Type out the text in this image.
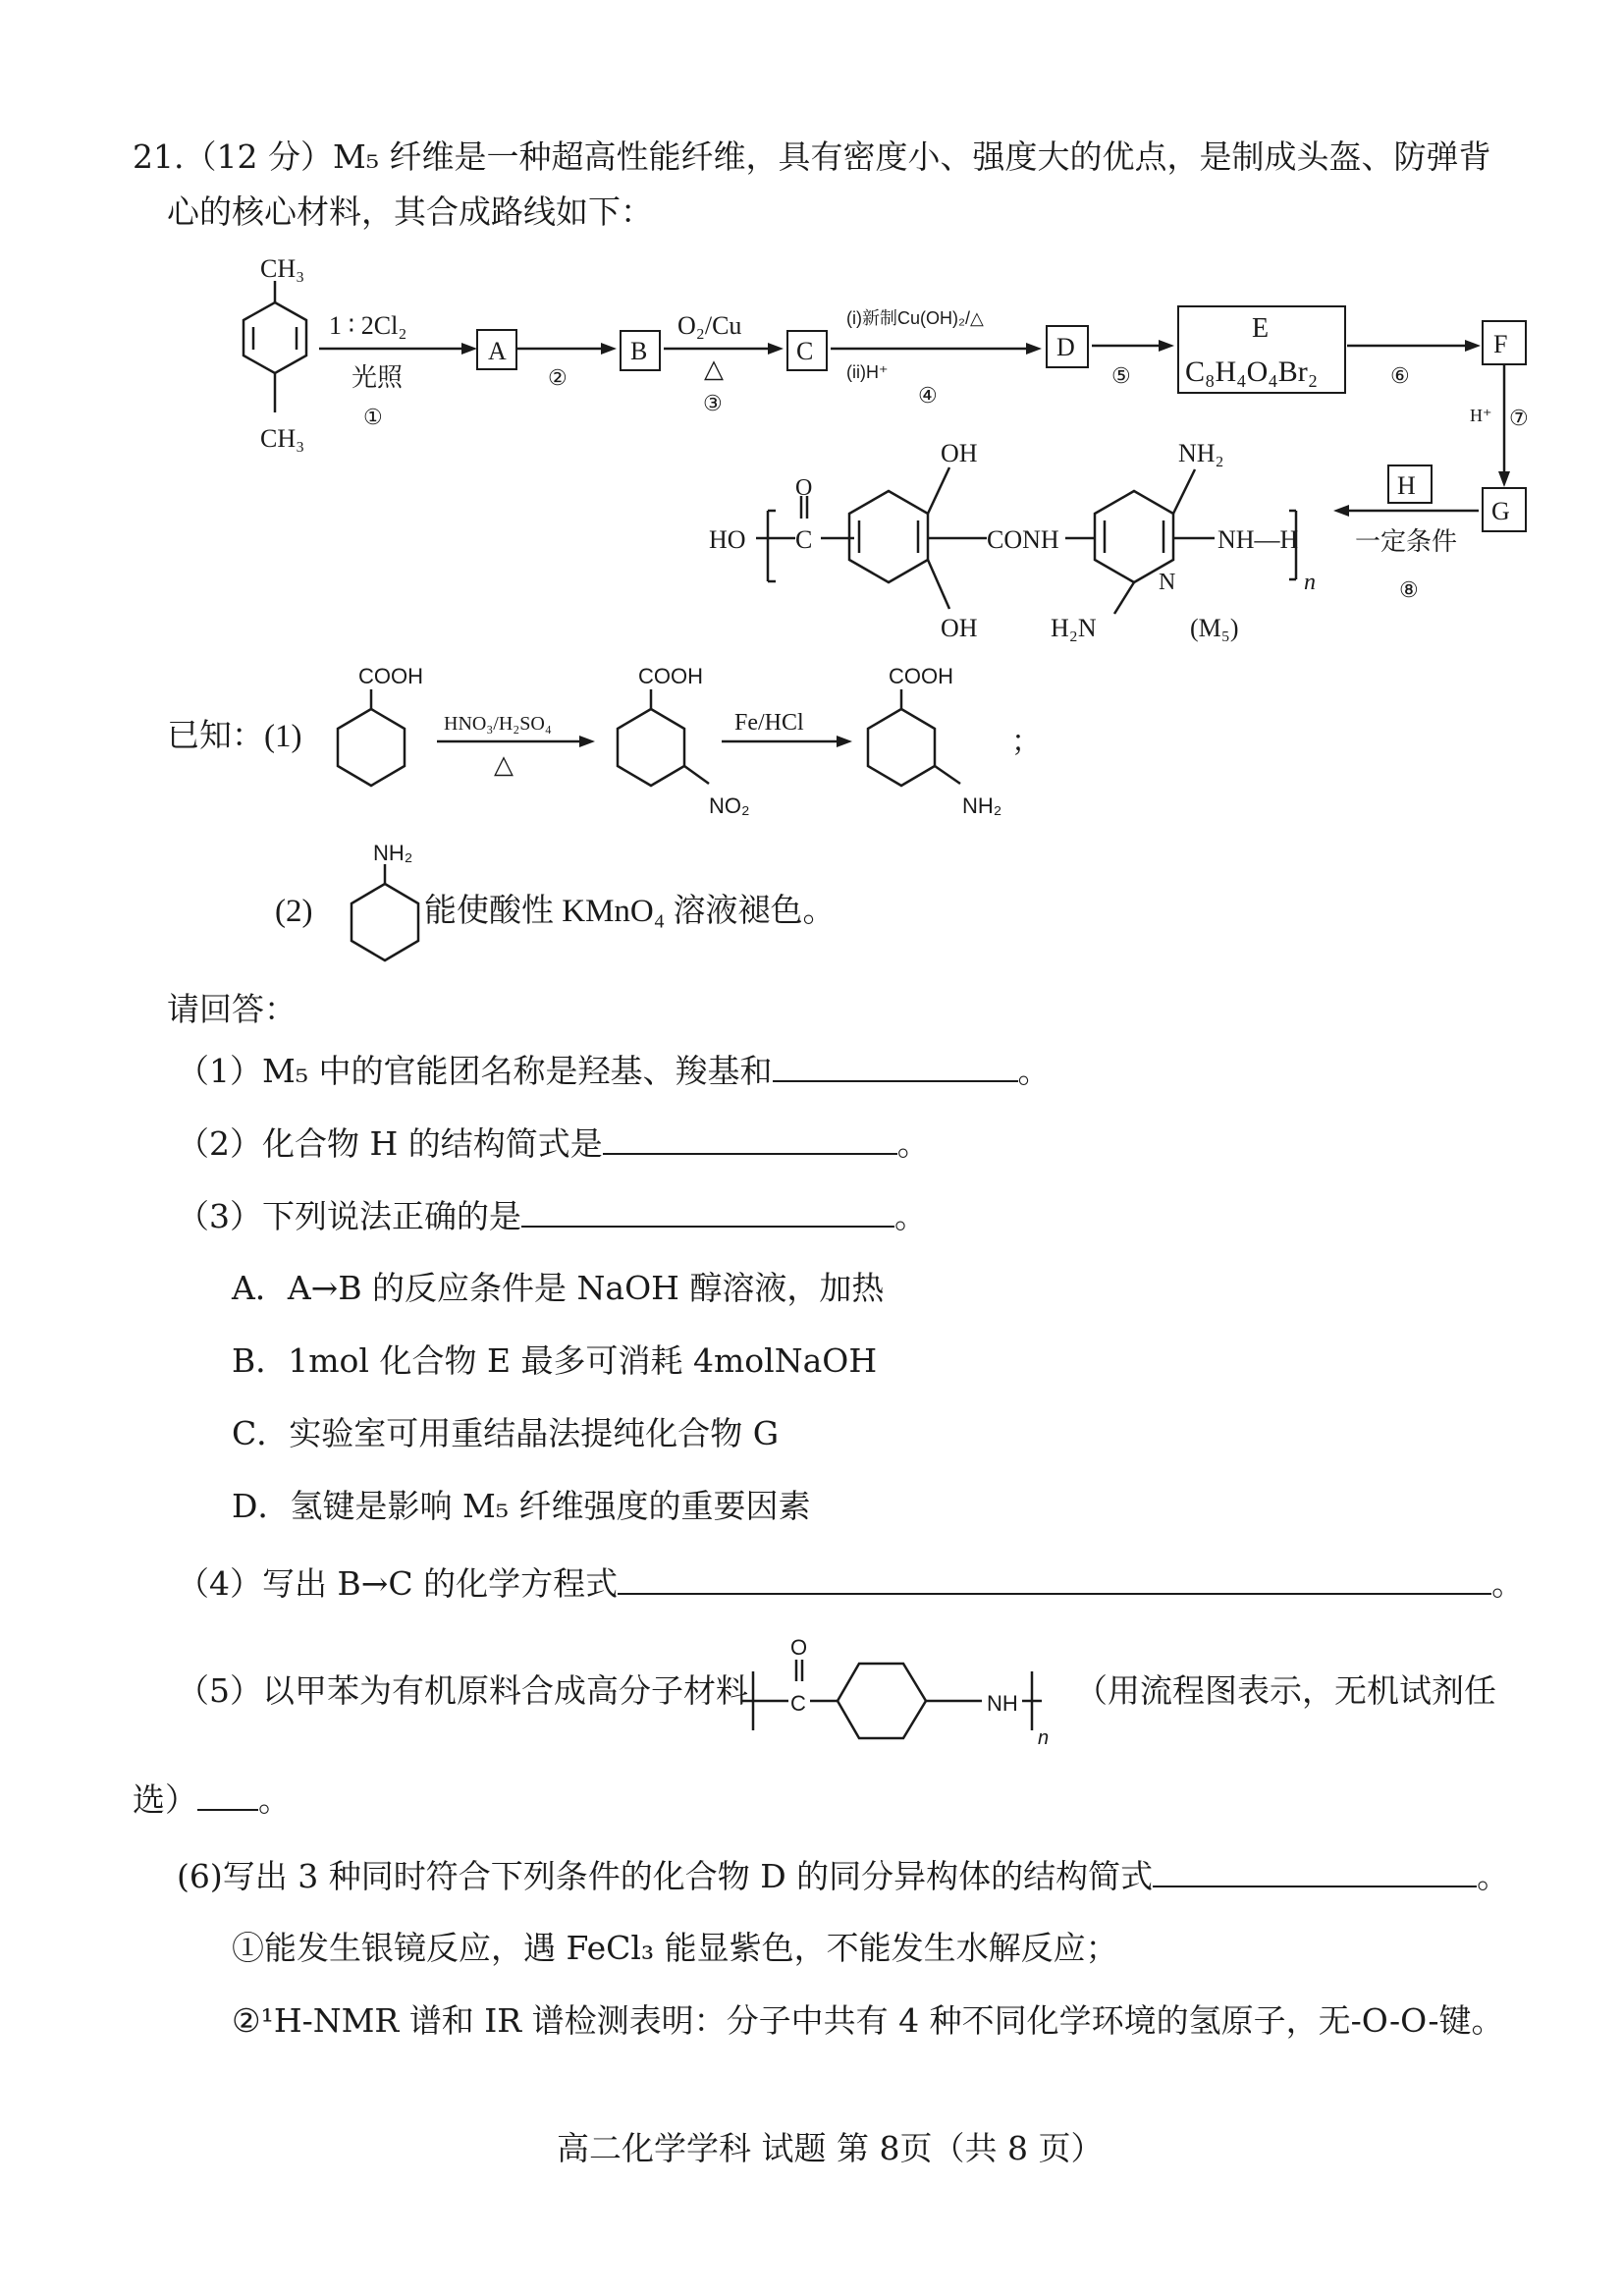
21.（12 分）M₅ 纤维是一种超高性能纤维，具有密度小、强度大的优点，是制成头盔、防弹背
心的核心材料，其合成路线如下：
CH₃
CH₃
1 ∶ 2Cl₂
光照
①
A
②
B
O₂/Cu
△
③
C
(i)新制Cu(OH)₂/△
(ii)H⁺
④
D
⑤
E
C₈H₄O₄Br₂	⑥
F
H⁺ ⑦
G
一定条件
⑧
H
HO
O
C
OH
OH
CONH
NH₂
H₂N
N
NH—H
n
(M₅)
已知：(1)
COOH
HNO₃/H₂SO₄
△
COOH
NO₂
Fe/HCl
COOH
NH₂
；
(2)
NH₂
能使酸性 KMnO₄ 溶液褪色。
请回答：
（1）M₅ 中的官能团名称是羟基、羧基和	。
（2）化合物 H 的结构简式是	。
（3）下列说法正确的是	。
A．A→B 的反应条件是 NaOH 醇溶液，加热
B．1mol 化合物 E 最多可消耗 4molNaOH
C．实验室可用重结晶法提纯化合物 G
D．氢键是影响 M₅ 纤维强度的重要因素
（4）写出 B→C 的化学方程式	。
（5）以甲苯为有机原料合成高分子材料
O
C	NH
n
（用流程图表示，无机试剂任
选） 。
(6)写出 3 种同时符合下列条件的化合物 D 的同分异构体的结构简式	。
①能发生银镜反应，遇 FeCl₃ 能显紫色，不能发生水解反应；
②¹H-NMR 谱和 IR 谱检测表明：分子中共有 4 种不同化学环境的氢原子，无-O-O-键。
高二化学学科 试题 第 8页（共 8 页）
